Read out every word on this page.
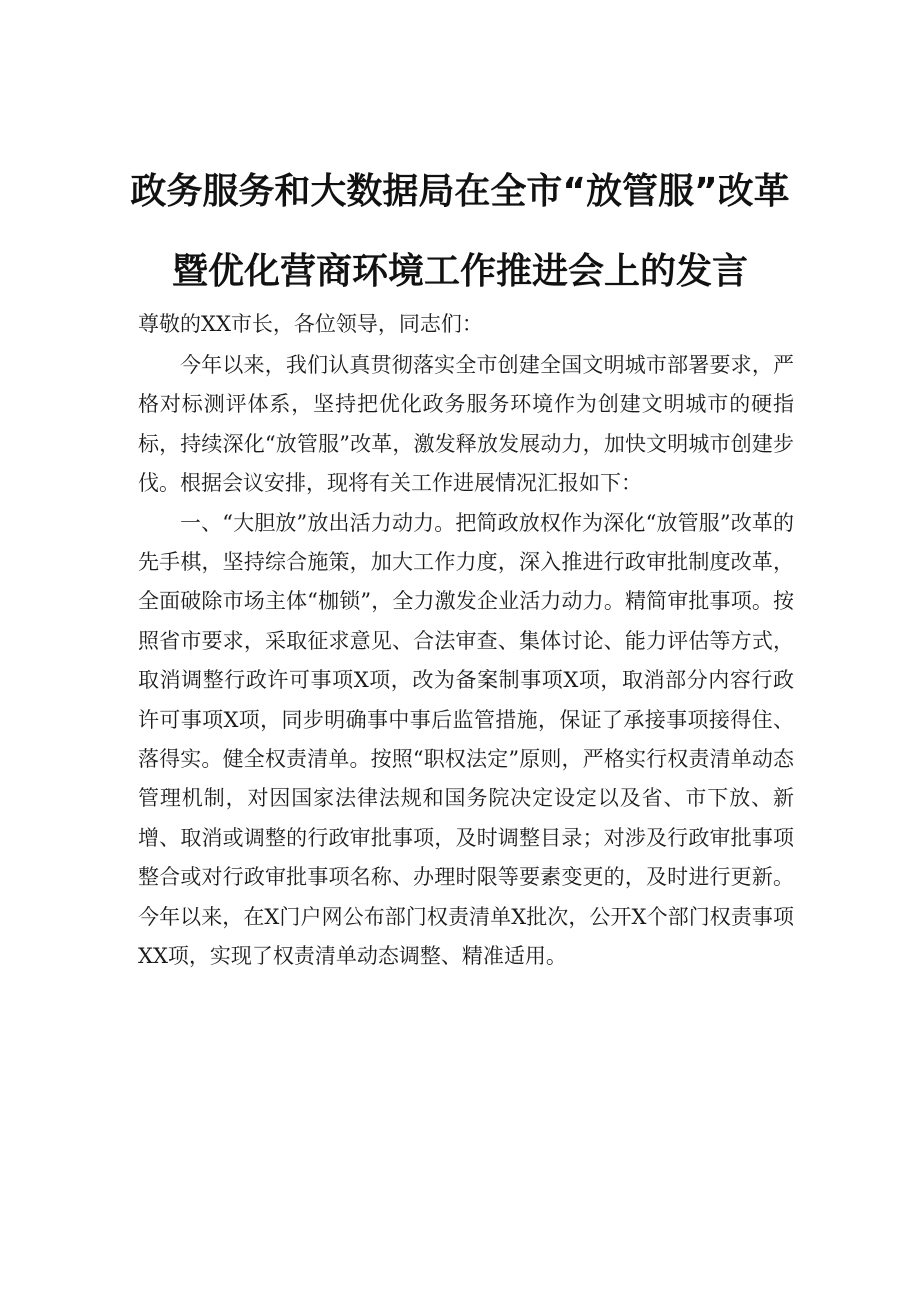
政务服务和大数据局在全市“放管服”改革
暨优化营商环境工作推进会上的发言
尊敬的XX市长，各位领导，同志们：

今年以来，我们认真贯彻落实全市创建全国文明城市部署要求，严格对标测评体系，坚持把优化政务服务环境作为创建文明城市的硬指标，持续深化“放管服”改革，激发释放发展动力，加快文明城市创建步伐。根据会议安排，现将有关工作进展情况汇报如下：

一、“大胆放”放出活力动力。把简政放权作为深化“放管服”改革的先手棋，坚持综合施策，加大工作力度，深入推进行政审批制度改革，全面破除市场主体“枷锁”，全力激发企业活力动力。精简审批事项。按照省市要求，采取征求意见、合法审查、集体讨论、能力评估等方式，取消调整行政许可事项X项，改为备案制事项X项，取消部分内容行政许可事项X项，同步明确事中事后监管措施，保证了承接事项接得住、落得实。健全权责清单。按照“职权法定”原则，严格实行权责清单动态管理机制，对因国家法律法规和国务院决定设定以及省、市下放、新增、取消或调整的行政审批事项，及时调整目录；对涉及行政审批事项整合或对行政审批事项名称、办理时限等要素变更的，及时进行更新。今年以来，在X门户网公布部门权责清单X批次，公开X个部门权责事项XX项，实现了权责清单动态调整、精准适用。
